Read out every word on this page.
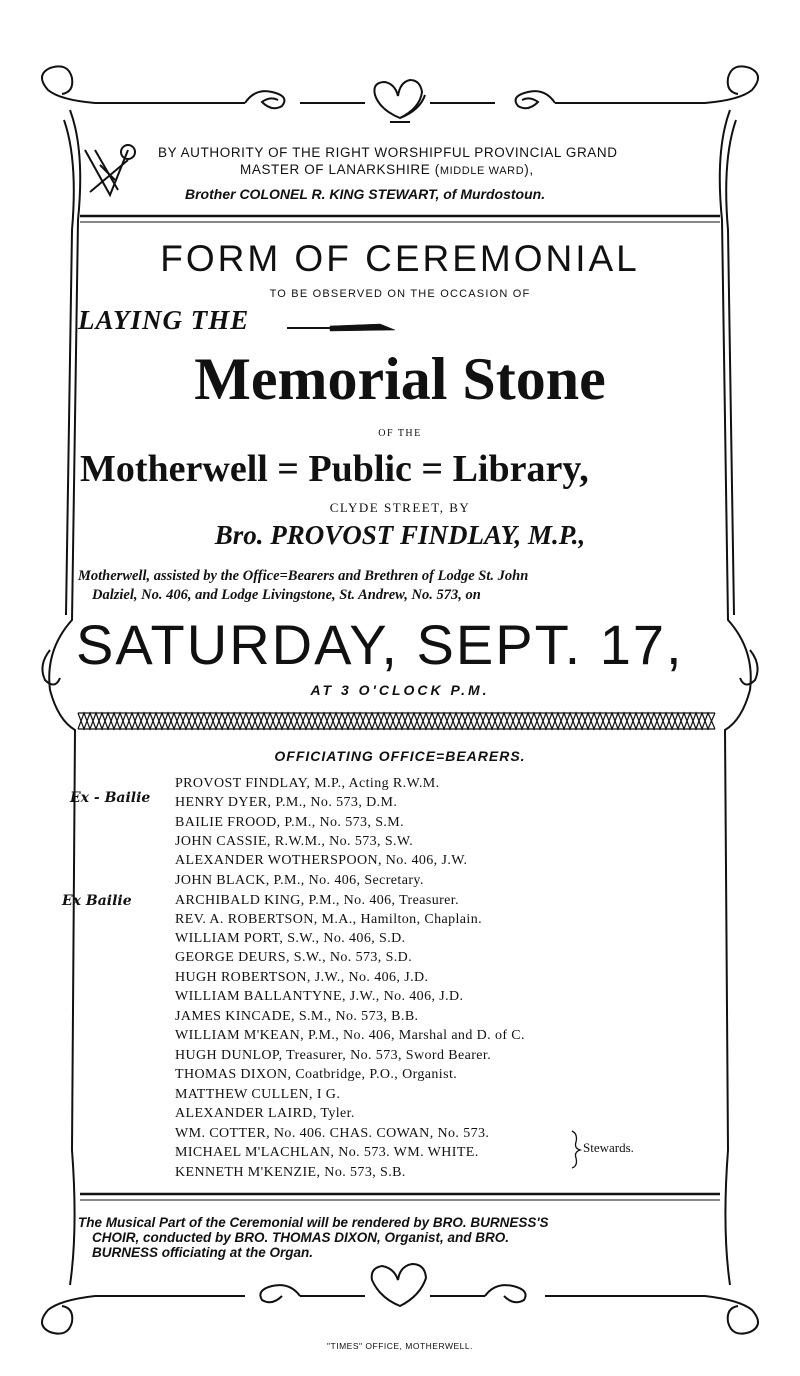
BY AUTHORITY OF THE RIGHT WORSHIPFUL PROVINCIAL GRAND
MASTER OF LANARKSHIRE (MIDDLE WARD),
Brother COLONEL R. KING STEWART, of Murdostoun.
FORM OF CEREMONIAL
TO BE OBSERVED ON THE OCCASION OF
LAYING THE
Memorial Stone
OF THE
Motherwell = Public = Library,
CLYDE STREET, BY
Bro. PROVOST FINDLAY, M.P.,
Motherwell, assisted by the Office=Bearers and Brethren of Lodge St. John
Dalziel, No. 406, and Lodge Livingstone, St. Andrew, No. 573, on
SATURDAY, SEPT. 17,
AT 3 O'CLOCK P.M.
OFFICIATING OFFICE=BEARERS.
Ex - Bailie
Ex Bailie
PROVOST FINDLAY, M.P., Acting R.W.M.
HENRY DYER, P.M., No. 573, D.M.
BAILIE FROOD, P.M., No. 573, S.M.
JOHN CASSIE, R.W.M., No. 573, S.W.
ALEXANDER WOTHERSPOON, No. 406, J.W.
JOHN BLACK, P.M., No. 406, Secretary.
ARCHIBALD KING, P.M., No. 406, Treasurer.
REV. A. ROBERTSON, M.A., Hamilton, Chaplain.
WILLIAM PORT, S.W., No. 406, S.D.
GEORGE DEURS, S.W., No. 573, S.D.
HUGH ROBERTSON, J.W., No. 406, J.D.
WILLIAM BALLANTYNE, J.W., No. 406, J.D.
JAMES KINCADE, S.M., No. 573, B.B.
WILLIAM M'KEAN, P.M., No. 406, Marshal and D. of C.
HUGH DUNLOP, Treasurer, No. 573, Sword Bearer.
THOMAS DIXON, Coatbridge, P.O., Organist.
MATTHEW CULLEN, I G.
ALEXANDER LAIRD, Tyler.
WM. COTTER, No. 406. CHAS. COWAN, No. 573.
MICHAEL M'LACHLAN, No. 573. WM. WHITE.
KENNETH M'KENZIE, No. 573, S.B.
Stewards.
The Musical Part of the Ceremonial will be rendered by BRO. BURNESS'S
CHOIR, conducted by BRO. THOMAS DIXON, Organist, and BRO.
BURNESS officiating at the Organ.
"TIMES" OFFICE, MOTHERWELL.
